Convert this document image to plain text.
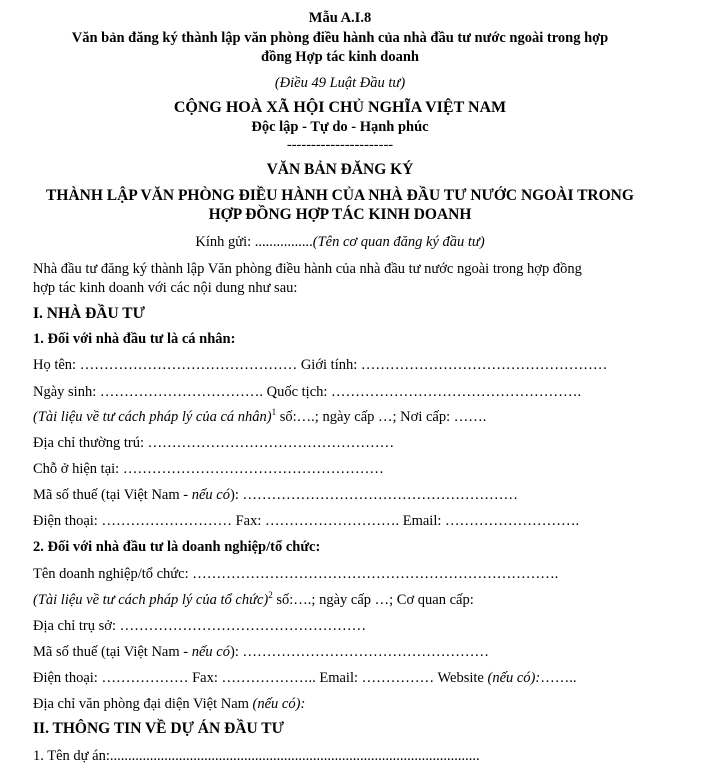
Mẫu A.I.8
Văn bản đăng ký thành lập văn phòng điều hành của nhà đầu tư nước ngoài trong hợp
đồng Hợp tác kinh doanh
(Điều 49 Luật Đầu tư)
CỘNG HOÀ XÃ HỘI CHỦ NGHĨA VIỆT NAM
Độc lập - Tự do - Hạnh phúc
----------------------
VĂN BẢN ĐĂNG KÝ
THÀNH LẬP VĂN PHÒNG ĐIỀU HÀNH CỦA NHÀ ĐẦU TƯ NƯỚC NGOÀI TRONG
HỢP ĐỒNG HỢP TÁC KINH DOANH
Kính gửi: ................(Tên cơ quan đăng ký đầu tư)
Nhà đầu tư đăng ký thành lập Văn phòng điều hành của nhà đầu tư nước ngoài trong hợp đồng
hợp tác kinh doanh với các nội dung như sau:
I. NHÀ ĐẦU TƯ
1. Đối với nhà đầu tư là cá nhân:
Họ tên: ……………………………………… Giới tính: ……………………………………………
Ngày sinh: ……………………………. Quốc tịch: …………………………………………….
(Tài liệu về tư cách pháp lý của cá nhân)$^1$ số:….; ngày cấp …; Nơi cấp: …….
Địa chỉ thường trú: ……………………………………………
Chỗ ở hiện tại: ………………………………………………
Mã số thuế (tại Việt Nam - nếu có): …………………………………………………
Điện thoại: ……………………… Fax: ………………………. Email: ……………………….
2. Đối với nhà đầu tư là doanh nghiệp/tổ chức:
Tên doanh nghiệp/tổ chức: ………………………………………………………………….
(Tài liệu về tư cách pháp lý của tổ chức)$^2$ số:….; ngày cấp …; Cơ quan cấp:
Địa chỉ trụ sở: ……………………………………………
Mã số thuế (tại Việt Nam - nếu có): ……………………………………………
Điện thoại: ……………… Fax: ……………….. Email: …………… Website (nếu có):……..
Địa chỉ văn phòng đại diện Việt Nam (nếu có):
II. THÔNG TIN VỀ DỰ ÁN ĐẦU TƯ
1. Tên dự án:......................................................................................................
